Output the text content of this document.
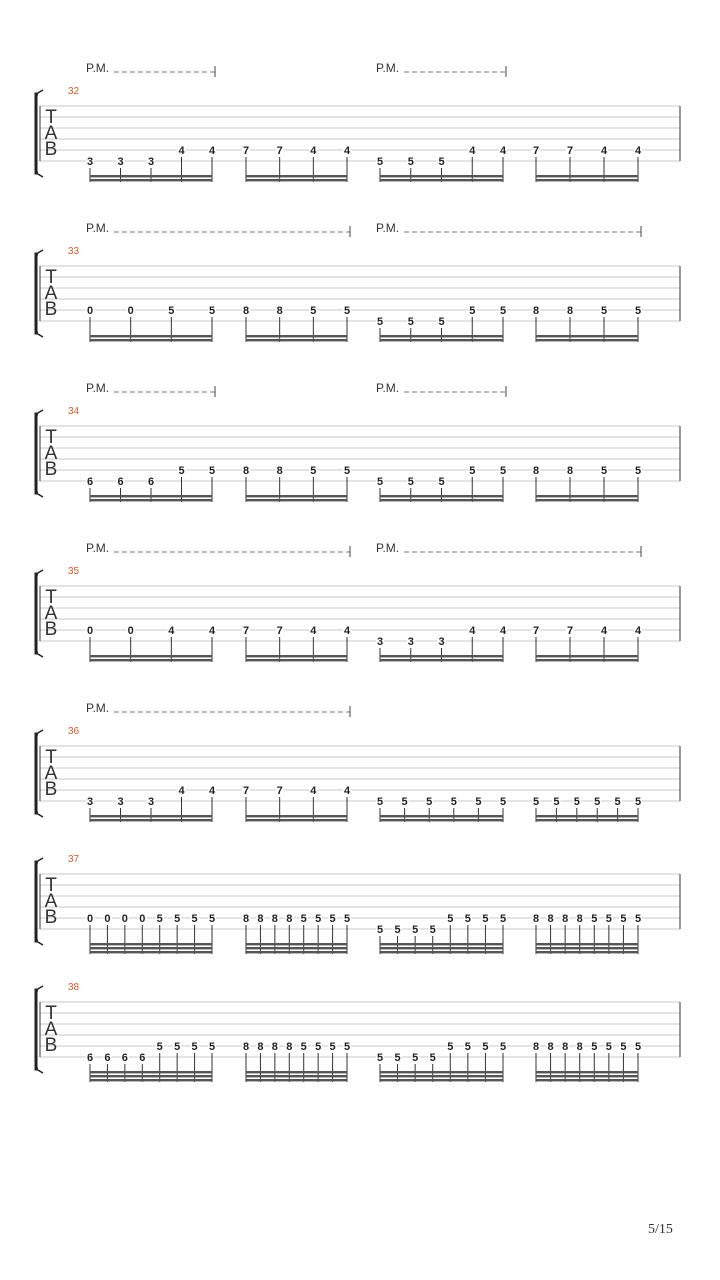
T
A
B
32
3 3 3
4 4	7	7	4	4
5 5 5
4 4 7	7	4	4
P.M.	P.M.
T
A
B
33
0	0	5	5	8	8	5	5
5 5 5
5 5 8	8	5	5
P.M.	P.M.
T
A
B
34
6 6 6
5 5	8	8	5	5
5 5 5
5 5 8	8	5	5
P.M.	P.M.
T
A
B
35
0	0	4	4	7	7	4	4
3 3 3
4 4 7	7	4	4
P.M.	P.M.
T
A
B
36
3 3 3
4 4	7	7	4	4
5 5 5 5 5 5 5 5 5 5 5 5
P.M.
T
A
B
37
0 0 0 0 5 5 5 5	8 8 8 8 5 5 5 5
5 5 5 5
5 5 5 5 8 8 8 8 5 5 5 5
T
A
B
38
6 6 6 6
5 5 5 5	8 8 8 8 5 5 5 5
5 5 5 5
5 5 5 5 8 8 8 8 5 5 5 5
5/15
